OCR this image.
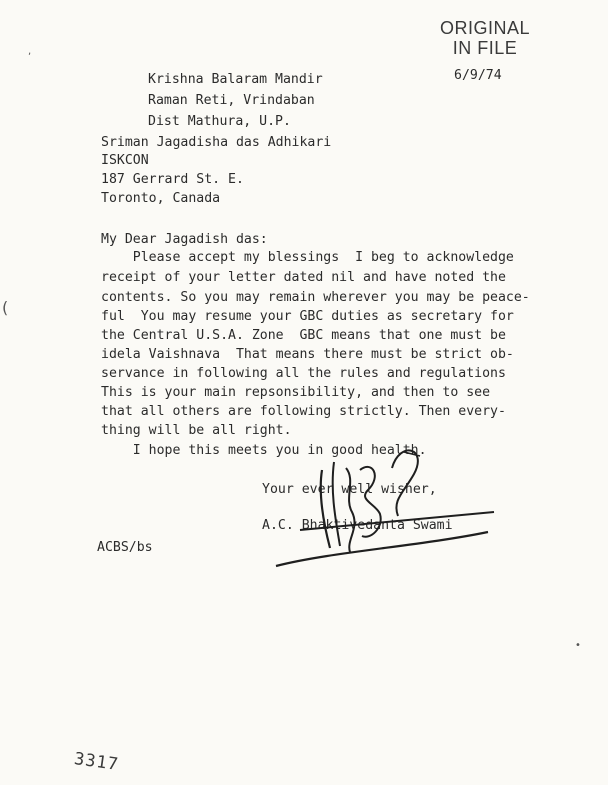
ORIGINAL
IN FILE
Krishna Balaram Mandir
Raman Reti, Vrindaban
Dist Mathura, U.P.
6/9/74
Sriman Jagadisha das Adhikari
ISKCON
187 Gerrard St. E.
Toronto, Canada
My Dear Jagadish das:
Please accept my blessings  I beg to acknowledge
receipt of your letter dated nil and have noted the
contents. So you may remain wherever you may be peace-
ful  You may resume your GBC duties as secretary for
the Central U.S.A. Zone  GBC means that one must be
idela Vaishnava  That means there must be strict ob-
servance in following all the rules and regulations
This is your main repsonsibility, and then to see
that all others are following strictly. Then every-
thing will be all right.
I hope this meets you in good health.
Your ever well wisher,
A.C. Bhaktivedanta Swami
ACBS/bs
(
•
,
3317
